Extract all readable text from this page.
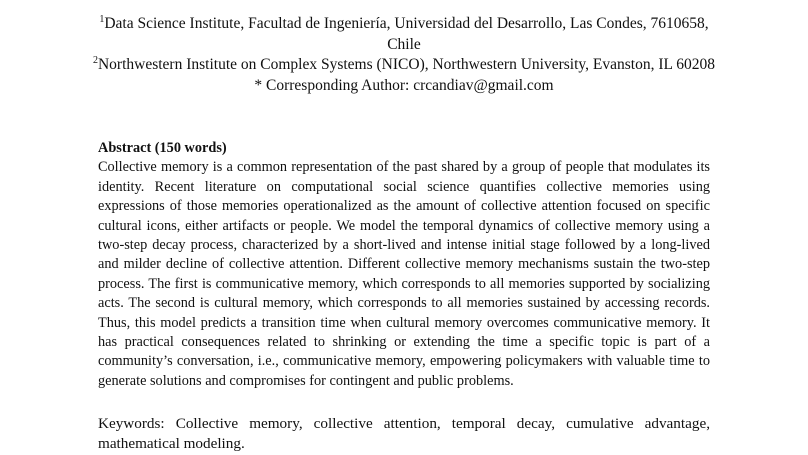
$^1$Data Science Institute, Facultad de Ingeniería, Universidad del Desarrollo, Las Condes, 7610658, Chile
$^2$Northwestern Institute on Complex Systems (NICO), Northwestern University, Evanston, IL 60208
* Corresponding Author: crcandiav@gmail.com
Abstract (150 words)
Collective memory is a common representation of the past shared by a group of people that modulates its identity. Recent literature on computational social science quantifies collective memories using expressions of those memories operationalized as the amount of collective attention focused on specific cultural icons, either artifacts or people. We model the temporal dynamics of collective memory using a two-step decay process, characterized by a short-lived and intense initial stage followed by a long-lived and milder decline of collective attention. Different collective memory mechanisms sustain the two-step process. The first is communicative memory, which corresponds to all memories supported by socializing acts. The second is cultural memory, which corresponds to all memories sustained by accessing records. Thus, this model predicts a transition time when cultural memory overcomes communicative memory. It has practical consequences related to shrinking or extending the time a specific topic is part of a community’s conversation, i.e., communicative memory, empowering policymakers with valuable time to generate solutions and compromises for contingent and public problems.
Keywords: Collective memory, collective attention, temporal decay, cumulative advantage, mathematical modeling.
